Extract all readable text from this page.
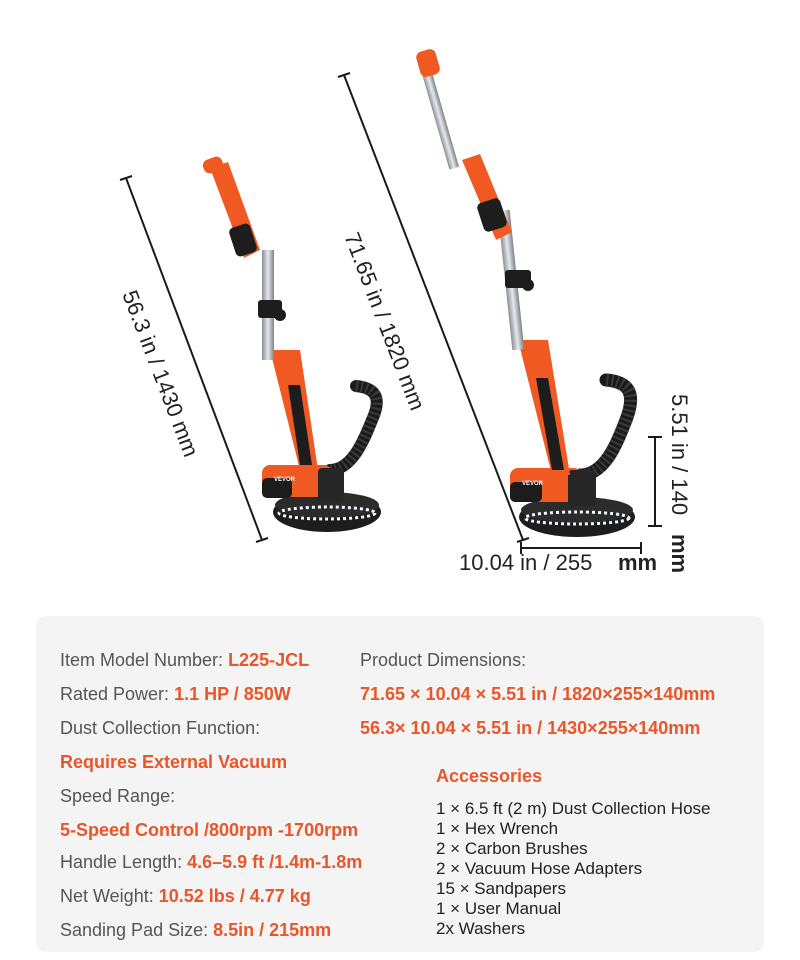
VEVOR
VEVOR
56.3 in / 1430 mm	71.65 in / 1820 mm
5.51 in / 140
mm
10.04 in / 255 mm
Item Model Number: L225-JCL
Rated Power: 1.1 HP / 850W
Dust Collection Function:
Requires External Vacuum
Speed Range:
5-Speed Control /800rpm -1700rpm
Handle Length: 4.6–5.9 ft /1.4m-1.8m
Net Weight: 10.52 lbs / 4.77 kg
Sanding Pad Size: 8.5in / 215mm
Product Dimensions:
71.65 × 10.04 × 5.51 in / 1820×255×140mm
56.3× 10.04 × 5.51 in / 1430×255×140mm
Accessories
1 × 6.5 ft (2 m) Dust Collection Hose
1 × Hex Wrench
2 × Carbon Brushes
2 × Vacuum Hose Adapters
15 × Sandpapers
1 × User Manual
2x Washers
